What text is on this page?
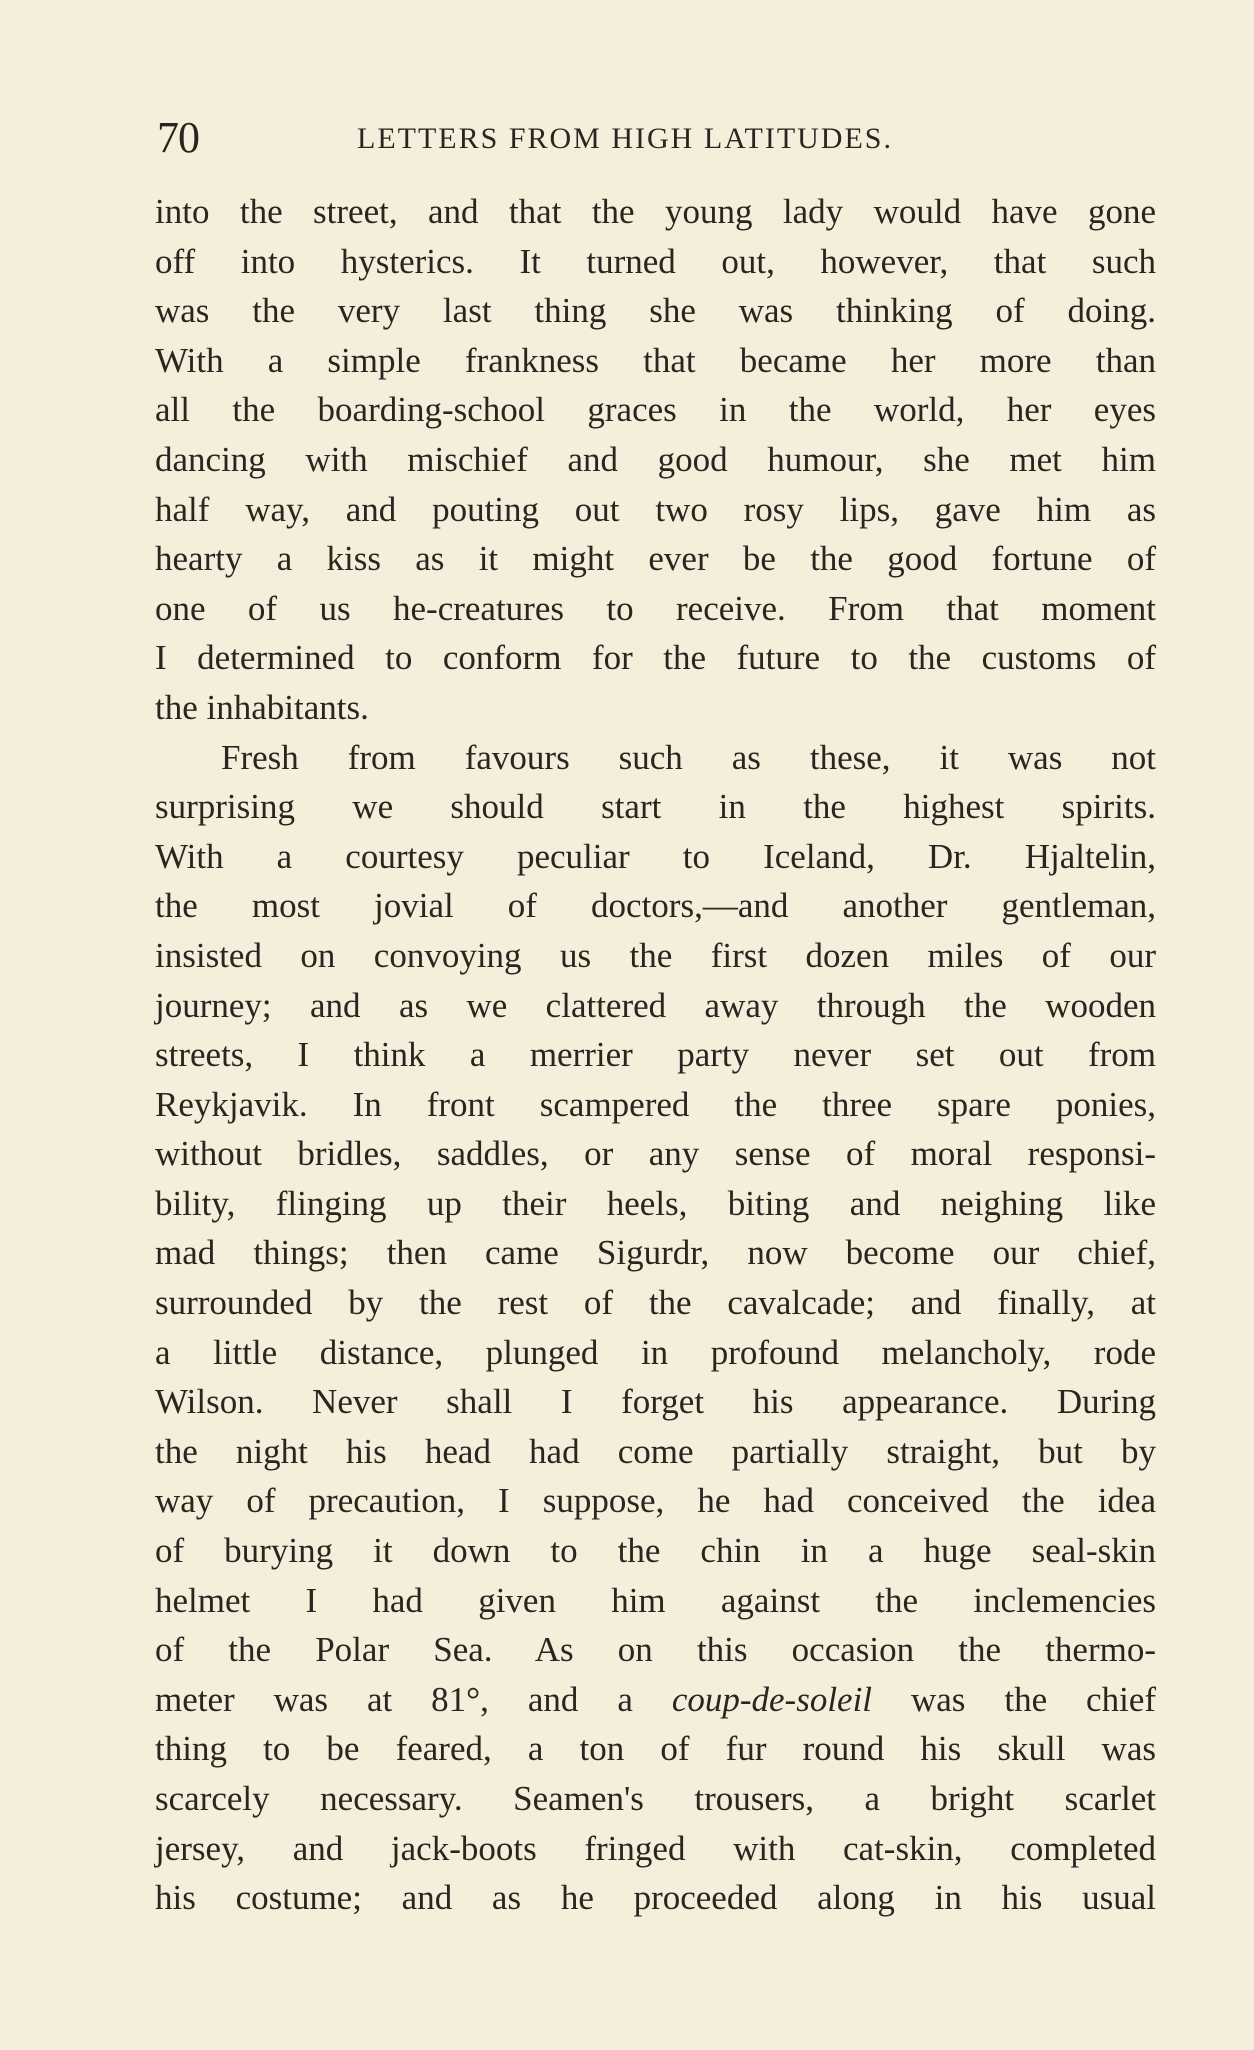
70	LETTERS FROM HIGH LATITUDES.
into the street, and that the young lady would have gone
off into hysterics. It turned out, however, that such
was the very last thing she was thinking of doing.
With a simple frankness that became her more than
all the boarding-school graces in the world, her eyes
dancing with mischief and good humour, she met him
half way, and pouting out two rosy lips, gave him as
hearty a kiss as it might ever be the good fortune of
one of us he-creatures to receive. From that moment
I determined to conform for the future to the customs of
the inhabitants.
Fresh from favours such as these, it was not
surprising we should start in the highest spirits.
With a courtesy peculiar to Iceland, Dr. Hjaltelin,
the most jovial of doctors,—and another gentleman,
insisted on convoying us the first dozen miles of our
journey; and as we clattered away through the wooden
streets, I think a merrier party never set out from
Reykjavik. In front scampered the three spare ponies,
without bridles, saddles, or any sense of moral responsi-
bility, flinging up their heels, biting and neighing like
mad things; then came Sigurdr, now become our chief,
surrounded by the rest of the cavalcade; and finally, at
a little distance, plunged in profound melancholy, rode
Wilson. Never shall I forget his appearance. During
the night his head had come partially straight, but by
way of precaution, I suppose, he had conceived the idea
of burying it down to the chin in a huge seal-skin
helmet I had given him against the inclemencies
of the Polar Sea. As on this occasion the thermo-
meter was at 81°, and a coup-de-soleil was the chief
thing to be feared, a ton of fur round his skull was
scarcely necessary. Seamen's trousers, a bright scarlet
jersey, and jack-boots fringed with cat-skin, completed
his costume; and as he proceeded along in his usual
